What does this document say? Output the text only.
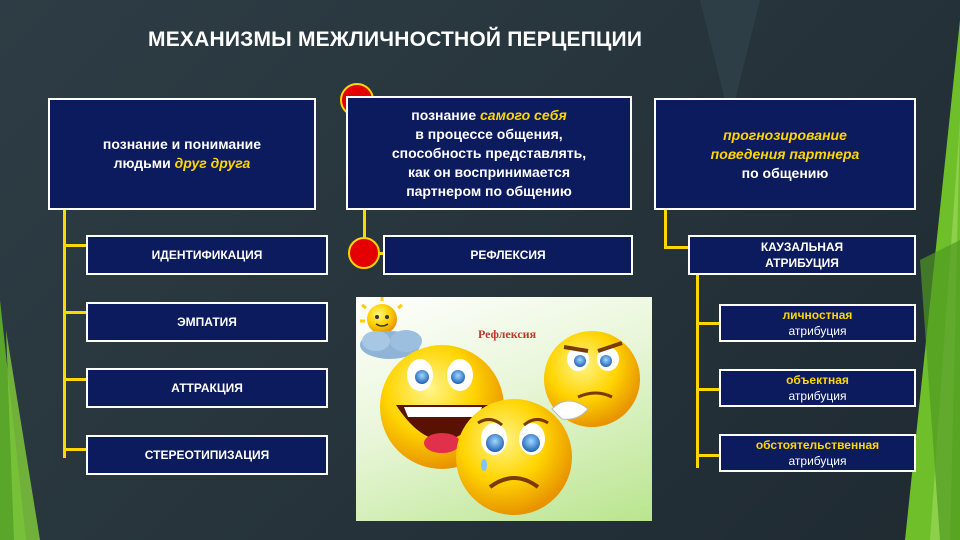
МЕХАНИЗМЫ МЕЖЛИЧНОСТНОЙ ПЕРЦЕПЦИИ
познание и понимание
людьми друг друга
познание самого себя
в процессе общения,
способность представлять,
как он воспринимается
партнером по общению
прогнозирование
поведения партнера
по общению
ИДЕНТИФИКАЦИЯ
ЭМПАТИЯ
АТТРАКЦИЯ
СТЕРЕОТИПИЗАЦИЯ
РЕФЛЕКСИЯ
КАУЗАЛЬНАЯ
АТРИБУЦИЯ
личностная
атрибуция
объектная
атрибуция
обстоятельственная
атрибуция
Рефлексия
